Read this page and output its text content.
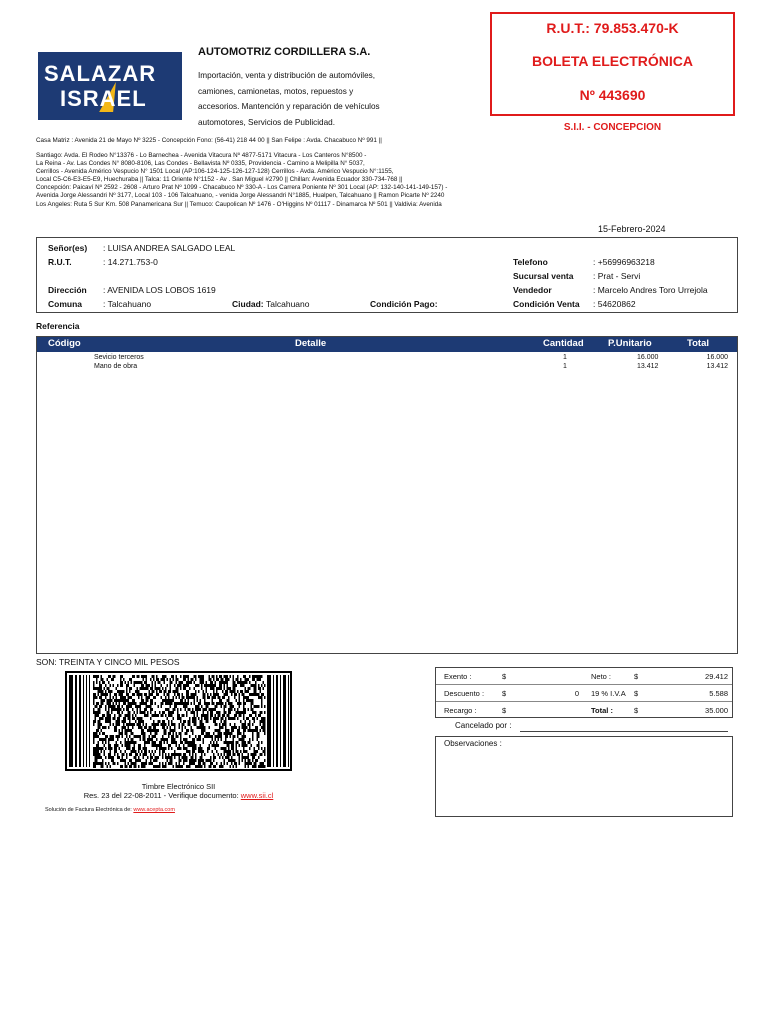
SALAZAR
ISRAEL
AUTOMOTRIZ CORDILLERA S.A.
Importación, venta y distribución de automóviles,
camiones, camionetas, motos, repuestos y
accesorios. Mantención y reparación de vehículos
automotores, Servicios de Publicidad.
R.U.T.: 79.853.470-K
BOLETA ELECTRÓNICA
Nº 443690
S.I.I. - CONCEPCION
Casa Matriz : Avenida 21 de Mayo Nº 3225 - Concepción Fono: (56-41) 218 44 00 || San Felipe : Avda. Chacabuco Nº 991 ||
Santiago: Avda. El Rodeo N°13376 - Lo Barnechea - Avenida Vitacura Nº 4877-5171 Vitacura - Los Canteros N°8500 -
La Reina - Av. Las Condes N° 8080-8106, Las Condes - Bellavista Nº 0335, Providencia - Camino a Melipilla N° 5037,
Cerrillos - Avenida Américo Vespucio N° 1501 Local (AP:106-124-125-126-127-128) Cerrillos - Avda. Américo Vespucio N°:1155,
Local C5-C6-E3-E5-E9, Huechuraba || Talca: 11 Oriente N°1152 - Av . San Miguel #2790 || Chillan: Avenida Ecuador 330-734-768 ||
Concepción: Paicaví Nº 2592 - 2608 - Arturo Prat Nº 1099 - Chacabuco Nº 330-A - Los Carrera Poniente Nº 301 Local (AP: 132-140-141-149-157) -
Avenida Jorge Alessandri Nº 3177, Local 103 - 106 Talcahuano, - venida Jorge Alessandri N°1885, Hualpen, Talcahuano || Ramon Picarte Nº 2240
Los Angeles: Ruta 5 Sur Km. 508 Panamericana Sur || Temuco: Caupolican Nº 1476 - O'Higgins Nº 01117 - Dinamarca Nº 501 || Valdivia: Avenida
15-Febrero-2024
Señor(es) : LUISA ANDREA SALGADO LEAL
R.U.T.	: 14.271.753-0
Dirección : AVENIDA LOS LOBOS 1619
Comuna : Talcahuano	Ciudad: Talcahuano	Condición Pago:
Telefono	: +56996963218
Sucursal venta : Prat - Servi
Vendedor	: Marcelo Andres Toro Urrejola
Condición Venta : 54620862
Referencia
Código	Detalle	Cantidad	P.Unitario	Total
Sevicio terceros	1	16.000	16.000
Mano de obra	1	13.412	13.412
SON: TREINTA Y CINCO MIL PESOS
Timbre Electrónico SII
Res. 23 del 22-08-2011 - Verifique documento: www.sii.cl
Solución de Factura Electrónica de: www.acepta.com
Exento :	$	Neto :	$	29.412
Descuento : $	0 19 % I.V.A $	5.588
Recargo :	$	Total :	$	35.000
Cancelado por :
Observaciones :
